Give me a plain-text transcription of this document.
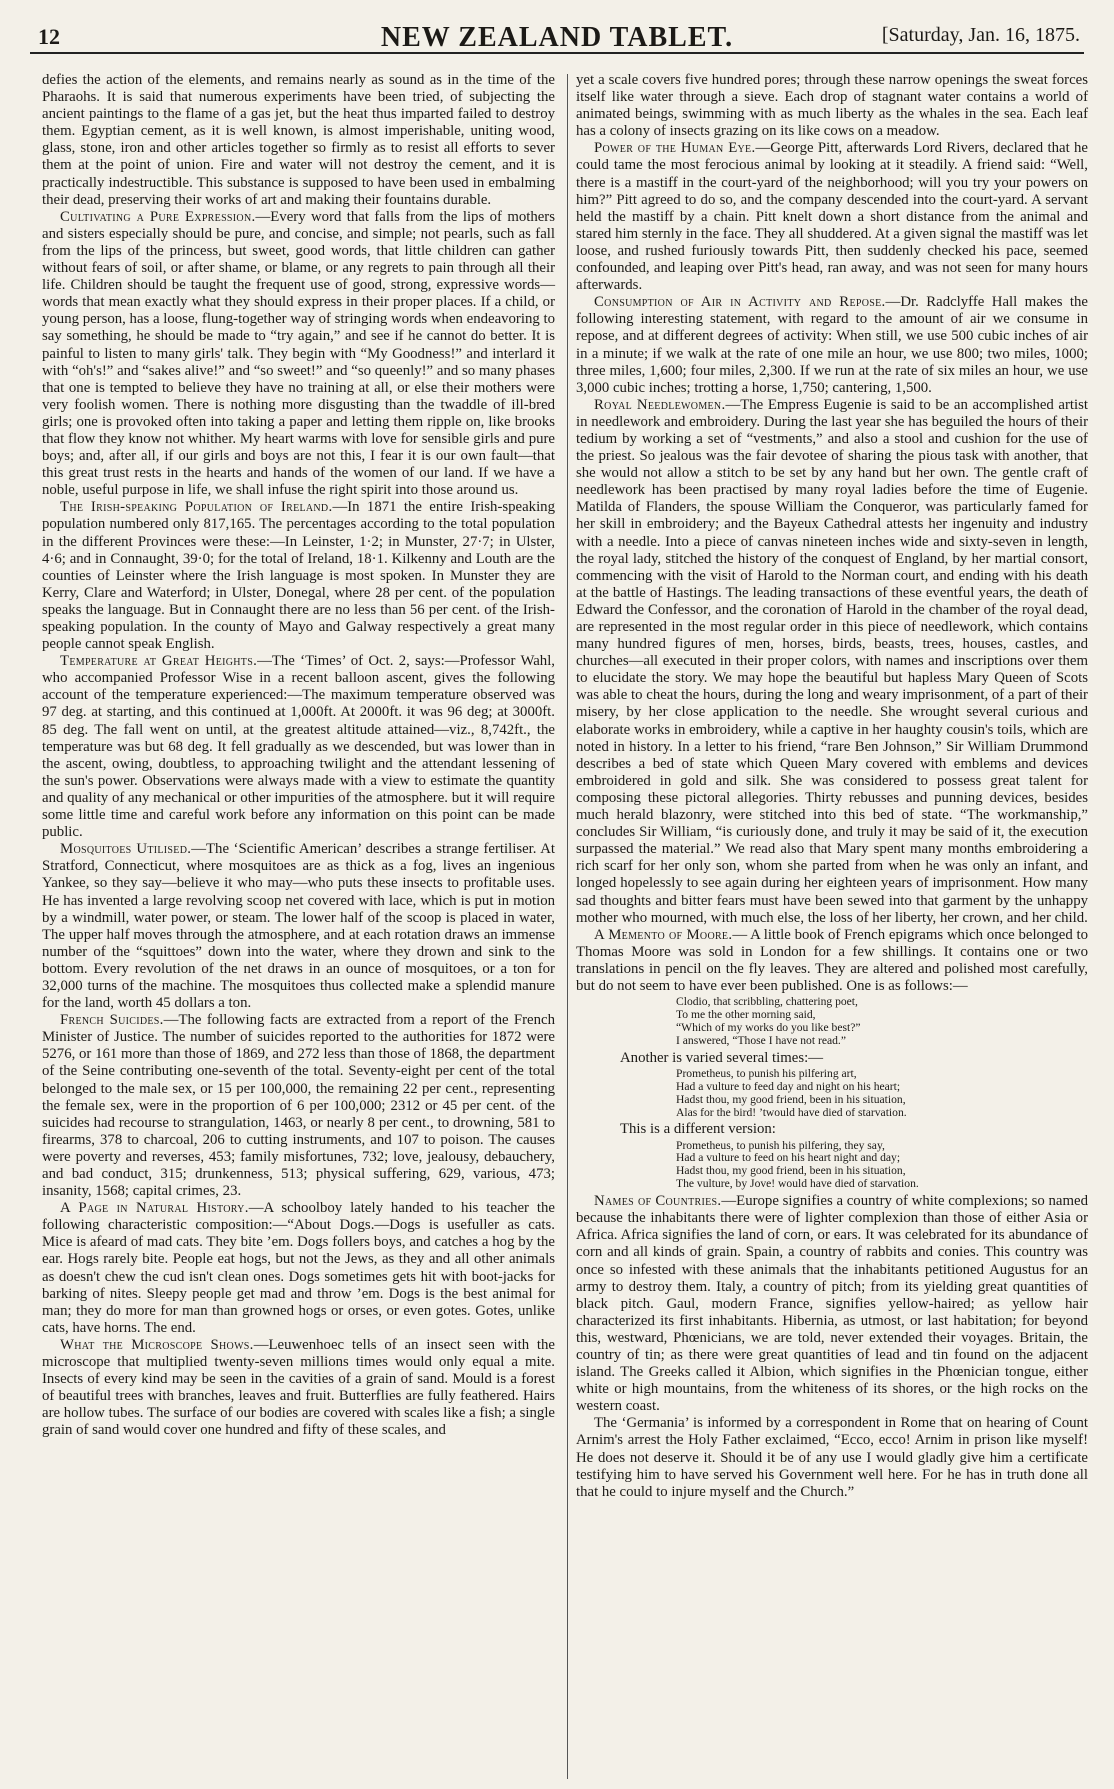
12	NEW ZEALAND TABLET.	[Saturday, Jan. 16, 1875.

defies the action of the elements, and remains nearly as sound as in the time of the Pharaohs. It is said that numerous experiments have been tried, of subjecting the ancient paintings to the flame of a gas jet, but the heat thus imparted failed to destroy them. Egyptian cement, as it is well known, is almost imperishable, uniting wood, glass, stone, iron and other articles together so firmly as to resist all efforts to sever them at the point of union. Fire and water will not destroy the cement, and it is practically indestructible. This substance is supposed to have been used in embalming their dead, preserving their works of art and making their fountains durable.

Cultivating a Pure Expression.—Every word that falls from the lips of mothers and sisters especially should be pure, and concise, and simple; not pearls, such as fall from the lips of the princess, but sweet, good words, that little children can gather without fears of soil, or after shame, or blame, or any regrets to pain through all their life. Children should be taught the frequent use of good, strong, expressive words—words that mean exactly what they should express in their proper places. If a child, or young person, has a loose, flung-together way of stringing words when endeavoring to say something, he should be made to “try again,” and see if he cannot do better. It is painful to listen to many girls' talk. They begin with “My Goodness!” and interlard it with “oh's!” and “sakes alive!” and “so sweet!” and “so queenly!” and so many phases that one is tempted to believe they have no training at all, or else their mothers were very foolish women. There is nothing more disgusting than the twaddle of ill-bred girls; one is provoked often into taking a paper and letting them ripple on, like brooks that flow they know not whither. My heart warms with love for sensible girls and pure boys; and, after all, if our girls and boys are not this, I fear it is our own fault—that this great trust rests in the hearts and hands of the women of our land. If we have a noble, useful purpose in life, we shall infuse the right spirit into those around us.

The Irish-speaking Population of Ireland.—In 1871 the entire Irish-speaking population numbered only 817,165. The percentages according to the total population in the different Provinces were these:—In Leinster, 1·2; in Munster, 27·7; in Ulster, 4·6; and in Connaught, 39·0; for the total of Ireland, 18·1. Kilkenny and Louth are the counties of Leinster where the Irish language is most spoken. In Munster they are Kerry, Clare and Waterford; in Ulster, Donegal, where 28 per cent. of the population speaks the language. But in Connaught there are no less than 56 per cent. of the Irish-speaking population. In the county of Mayo and Galway respectively a great many people cannot speak English.

Temperature at Great Heights.—The ‘Times’ of Oct. 2, says:—Professor Wahl, who accompanied Professor Wise in a recent balloon ascent, gives the following account of the temperature experienced:—The maximum temperature observed was 97 deg. at starting, and this continued at 1,000ft. At 2000ft. it was 96 deg; at 3000ft. 85 deg. The fall went on until, at the greatest altitude attained—viz., 8,742ft., the temperature was but 68 deg. It fell gradually as we descended, but was lower than in the ascent, owing, doubtless, to approaching twilight and the attendant lessening of the sun's power. Observations were always made with a view to estimate the quantity and quality of any mechanical or other impurities of the atmosphere. but it will require some little time and careful work before any information on this point can be made public.

Mosquitoes Utilised.—The ‘Scientific American’ describes a strange fertiliser. At Stratford, Connecticut, where mosquitoes are as thick as a fog, lives an ingenious Yankee, so they say—believe it who may—who puts these insects to profitable uses. He has invented a large revolving scoop net covered with lace, which is put in motion by a windmill, water power, or steam. The lower half of the scoop is placed in water, The upper half moves through the atmosphere, and at each rotation draws an immense number of the “squittoes” down into the water, where they drown and sink to the bottom. Every revolution of the net draws in an ounce of mosquitoes, or a ton for 32,000 turns of the machine. The mosquitoes thus collected make a splendid manure for the land, worth 45 dollars a ton.

French Suicides.—The following facts are extracted from a report of the French Minister of Justice. The number of suicides reported to the authorities for 1872 were 5276, or 161 more than those of 1869, and 272 less than those of 1868, the department of the Seine contributing one-seventh of the total. Seventy-eight per cent of the total belonged to the male sex, or 15 per 100,000, the remaining 22 per cent., representing the female sex, were in the proportion of 6 per 100,000; 2312 or 45 per cent. of the suicides had recourse to strangulation, 1463, or nearly 8 per cent., to drowning, 581 to firearms, 378 to charcoal, 206 to cutting instruments, and 107 to poison. The causes were poverty and reverses, 453; family misfortunes, 732; love, jealousy, debauchery, and bad conduct, 315; drunkenness, 513; physical suffering, 629, various, 473; insanity, 1568; capital crimes, 23.

A Page in Natural History.—A schoolboy lately handed to his teacher the following characteristic composition:—“About Dogs.—Dogs is usefuller as cats. Mice is afeard of mad cats. They bite ’em. Dogs follers boys, and catches a hog by the ear. Hogs rarely bite. People eat hogs, but not the Jews, as they and all other animals as doesn't chew the cud isn't clean ones. Dogs sometimes gets hit with boot-jacks for barking of nites. Sleepy people get mad and throw ’em. Dogs is the best animal for man; they do more for man than growned hogs or orses, or even gotes. Gotes, unlike cats, have horns. The end.

What the Microscope Shows.—Leuwenhoec tells of an insect seen with the microscope that multiplied twenty-seven millions times would only equal a mite. Insects of every kind may be seen in the cavities of a grain of sand. Mould is a forest of beautiful trees with branches, leaves and fruit. Butterflies are fully feathered. Hairs are hollow tubes. The surface of our bodies are covered with scales like a fish; a single grain of sand would cover one hundred and fifty of these scales, and

yet a scale covers five hundred pores; through these narrow openings the sweat forces itself like water through a sieve. Each drop of stagnant water contains a world of animated beings, swimming with as much liberty as the whales in the sea. Each leaf has a colony of insects grazing on its like cows on a meadow.

Power of the Human Eye.—George Pitt, afterwards Lord Rivers, declared that he could tame the most ferocious animal by looking at it steadily. A friend said: “Well, there is a mastiff in the court-yard of the neighborhood; will you try your powers on him?” Pitt agreed to do so, and the company descended into the court-yard. A servant held the mastiff by a chain. Pitt knelt down a short distance from the animal and stared him sternly in the face. They all shuddered. At a given signal the mastiff was let loose, and rushed furiously towards Pitt, then suddenly checked his pace, seemed confounded, and leaping over Pitt's head, ran away, and was not seen for many hours afterwards.

Consumption of Air in Activity and Repose.—Dr. Radclyffe Hall makes the following interesting statement, with regard to the amount of air we consume in repose, and at different degrees of activity: When still, we use 500 cubic inches of air in a minute; if we walk at the rate of one mile an hour, we use 800; two miles, 1000; three miles, 1,600; four miles, 2,300. If we run at the rate of six miles an hour, we use 3,000 cubic inches; trotting a horse, 1,750; cantering, 1,500.

Royal Needlewomen.—The Empress Eugenie is said to be an accomplished artist in needlework and embroidery. During the last year she has beguiled the hours of their tedium by working a set of “vestments,” and also a stool and cushion for the use of the priest. So jealous was the fair devotee of sharing the pious task with another, that she would not allow a stitch to be set by any hand but her own. The gentle craft of needlework has been practised by many royal ladies before the time of Eugenie. Matilda of Flanders, the spouse William the Conqueror, was particularly famed for her skill in embroidery; and the Bayeux Cathedral attests her ingenuity and industry with a needle. Into a piece of canvas nineteen inches wide and sixty-seven in length, the royal lady, stitched the history of the conquest of England, by her martial consort, commencing with the visit of Harold to the Norman court, and ending with his death at the battle of Hastings. The leading transactions of these eventful years, the death of Edward the Confessor, and the coronation of Harold in the chamber of the royal dead, are represented in the most regular order in this piece of needlework, which contains many hundred figures of men, horses, birds, beasts, trees, houses, castles, and churches—all executed in their proper colors, with names and inscriptions over them to elucidate the story. We may hope the beautiful but hapless Mary Queen of Scots was able to cheat the hours, during the long and weary imprisonment, of a part of their misery, by her close application to the needle. She wrought several curious and elaborate works in embroidery, while a captive in her haughty cousin's toils, which are noted in history. In a letter to his friend, “rare Ben Johnson,” Sir William Drummond describes a bed of state which Queen Mary covered with emblems and devices embroidered in gold and silk. She was considered to possess great talent for composing these pictoral allegories. Thirty rebusses and punning devices, besides much herald blazonry, were stitched into this bed of state. “The workmanship,” concludes Sir William, “is curiously done, and truly it may be said of it, the execution surpassed the material.” We read also that Mary spent many months embroidering a rich scarf for her only son, whom she parted from when he was only an infant, and longed hopelessly to see again during her eighteen years of imprisonment. How many sad thoughts and bitter fears must have been sewed into that garment by the unhappy mother who mourned, with much else, the loss of her liberty, her crown, and her child.

A Memento of Moore.— A little book of French epigrams which once belonged to Thomas Moore was sold in London for a few shillings. It contains one or two translations in pencil on the fly leaves. They are altered and polished most carefully, but do not seem to have ever been published. One is as follows:—

Clodio, that scribbling, chattering poet,
To me the other morning said,
“Which of my works do you like best?”
I answered, “Those I have not read.”

Another is varied several times:—

Prometheus, to punish his pilfering art,
Had a vulture to feed day and night on his heart;
Hadst thou, my good friend, been in his situation,
Alas for the bird! ’twould have died of starvation.

This is a different version:

Prometheus, to punish his pilfering, they say,
Had a vulture to feed on his heart night and day;
Hadst thou, my good friend, been in his situation,
The vulture, by Jove! would have died of starvation.

Names of Countries.—Europe signifies a country of white complexions; so named because the inhabitants there were of lighter complexion than those of either Asia or Africa. Africa signifies the land of corn, or ears. It was celebrated for its abundance of corn and all kinds of grain. Spain, a country of rabbits and conies. This country was once so infested with these animals that the inhabitants petitioned Augustus for an army to destroy them. Italy, a country of pitch; from its yielding great quantities of black pitch. Gaul, modern France, signifies yellow-haired; as yellow hair characterized its first inhabitants. Hibernia, as utmost, or last habitation; for beyond this, westward, Phœnicians, we are told, never extended their voyages. Britain, the country of tin; as there were great quantities of lead and tin found on the adjacent island. The Greeks called it Albion, which signifies in the Phœnician tongue, either white or high mountains, from the whiteness of its shores, or the high rocks on the western coast.

The ‘Germania’ is informed by a correspondent in Rome that on hearing of Count Arnim's arrest the Holy Father exclaimed, “Ecco, ecco! Arnim in prison like myself! He does not deserve it. Should it be of any use I would gladly give him a certificate testifying him to have served his Government well here. For he has in truth done all that he could to injure myself and the Church.”
